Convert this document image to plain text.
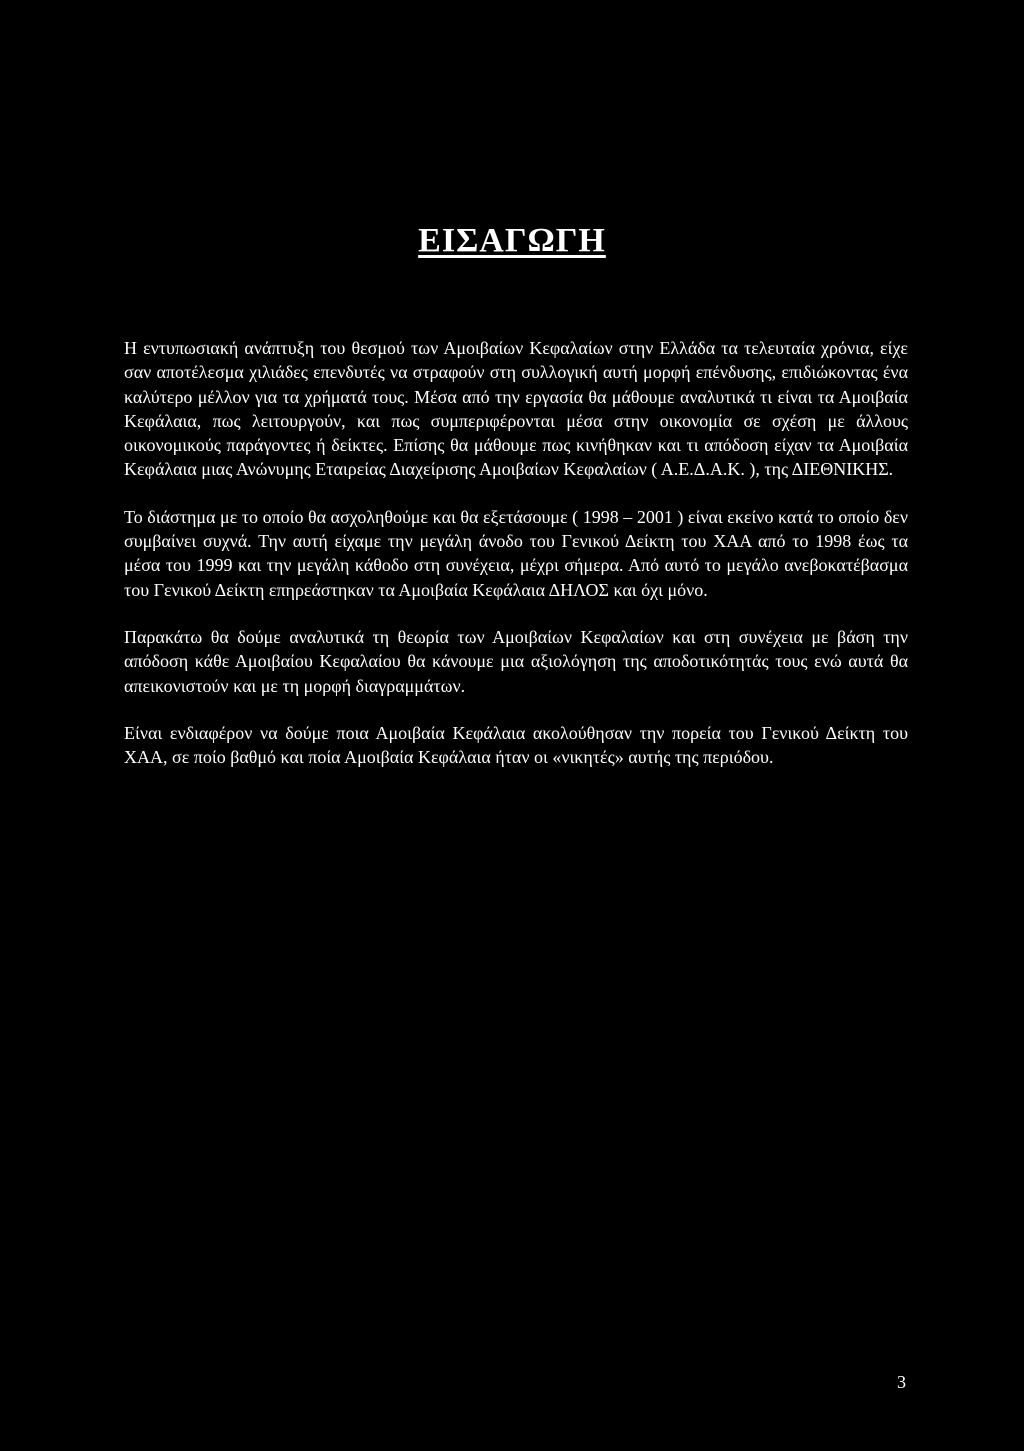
ΕΙΣΑΓΩΓΗ

Η εντυπωσιακή ανάπτυξη του θεσμού των Αμοιβαίων Κεφαλαίων στην Ελλάδα τα τελευταία χρόνια, είχε σαν αποτέλεσμα χιλιάδες επενδυτές να στραφούν στη συλλογική αυτή μορφή επένδυσης, επιδιώκοντας ένα καλύτερο μέλλον για τα χρήματά τους. Μέσα από την εργασία θα μάθουμε αναλυτικά τι είναι τα Αμοιβαία Κεφάλαια, πως λειτουργούν, και πως συμπεριφέρονται μέσα στην οικονομία σε σχέση με άλλους οικονομικούς παράγοντες ή δείκτες. Επίσης θα μάθουμε πως κινήθηκαν και τι απόδοση είχαν τα Αμοιβαία Κεφάλαια μιας Ανώνυμης Εταιρείας Διαχείρισης Αμοιβαίων Κεφαλαίων ( Α.Ε.Δ.Α.Κ. ), της ΔΙΕΘΝΙΚΗΣ.

Το διάστημα με το οποίο θα ασχοληθούμε και θα εξετάσουμε ( 1998 – 2001 ) είναι εκείνο κατά το οποίο δεν συμβαίνει συχνά. Την αυτή είχαμε την μεγάλη άνοδο του Γενικού Δείκτη του ΧΑΑ από το 1998 έως τα μέσα του 1999 και την μεγάλη κάθοδο στη συνέχεια, μέχρι σήμερα. Από αυτό το μεγάλο ανεβοκατέβασμα του Γενικού Δείκτη επηρεάστηκαν τα Αμοιβαία Κεφάλαια ΔΗΛΟΣ και όχι μόνο.

Παρακάτω θα δούμε αναλυτικά τη θεωρία των Αμοιβαίων Κεφαλαίων και στη συνέχεια με βάση την απόδοση κάθε Αμοιβαίου Κεφαλαίου θα κάνουμε μια αξιολόγηση της αποδοτικότητάς τους ενώ αυτά θα απεικονιστούν και με τη μορφή διαγραμμάτων.

Είναι ενδιαφέρον να δούμε ποια Αμοιβαία Κεφάλαια ακολούθησαν την πορεία του Γενικού Δείκτη του ΧΑΑ, σε ποίο βαθμό και ποία Αμοιβαία Κεφάλαια ήταν οι «νικητές» αυτής της περιόδου.

3
